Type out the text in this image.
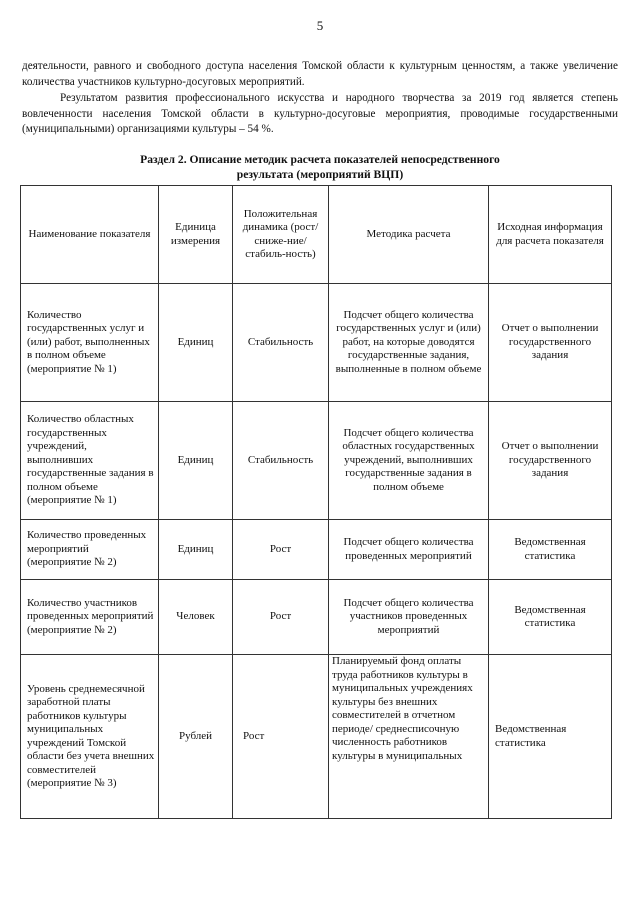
5
деятельности, равного и свободного доступа населения Томской области к культурным ценностям, а также увеличение количества участников культурно-досуговых мероприятий.
Результатом развития профессионального искусства и народного творчества за 2019 год является степень вовлеченности населения Томской области в культурно-досуговые мероприятия, проводимые государственными (муниципальными) организациями культуры – 54 %.
Раздел 2. Описание методик расчета показателей непосредственного
результата (мероприятий ВЦП)
Наименование показателя	Единица измерения	Положительная динамика (рост/сниже-ние/стабиль-ность)	Методика расчета	Исходная информация для расчета показателя
Количество государственных услуг и (или) работ, выполненных в полном объеме (мероприятие № 1)	Единиц	Стабильность	Подсчет общего количества государственных услуг и (или) работ, на которые доводятся государственные задания, выполненные в полном объеме	Отчет о выполнении государственного задания
Количество областных государственных учреждений, выполнивших государственные задания в полном объеме (мероприятие № 1)	Единиц	Стабильность	Подсчет общего количества областных государственных учреждений, выполнивших государственные задания в полном объеме	Отчет о выполнении государственного задания
Количество проведенных мероприятий (мероприятие № 2)	Единиц	Рост	Подсчет общего количества проведенных мероприятий	Ведомственная статистика
Количество участников проведенных мероприятий (мероприятие № 2)	Человек	Рост	Подсчет общего количества участников проведенных мероприятий	Ведомственная статистика
Уровень среднемесячной заработной платы работников культуры муниципальных учреждений Томской области без учета внешних совместителей (мероприятие № 3)	Рублей	Рост	Планируемый фонд оплаты труда работников культуры в муниципальных учреждениях культуры без внешних совместителей в отчетном периоде/ среднесписочную численность работников культуры в муниципальных	Ведомственная статистика
